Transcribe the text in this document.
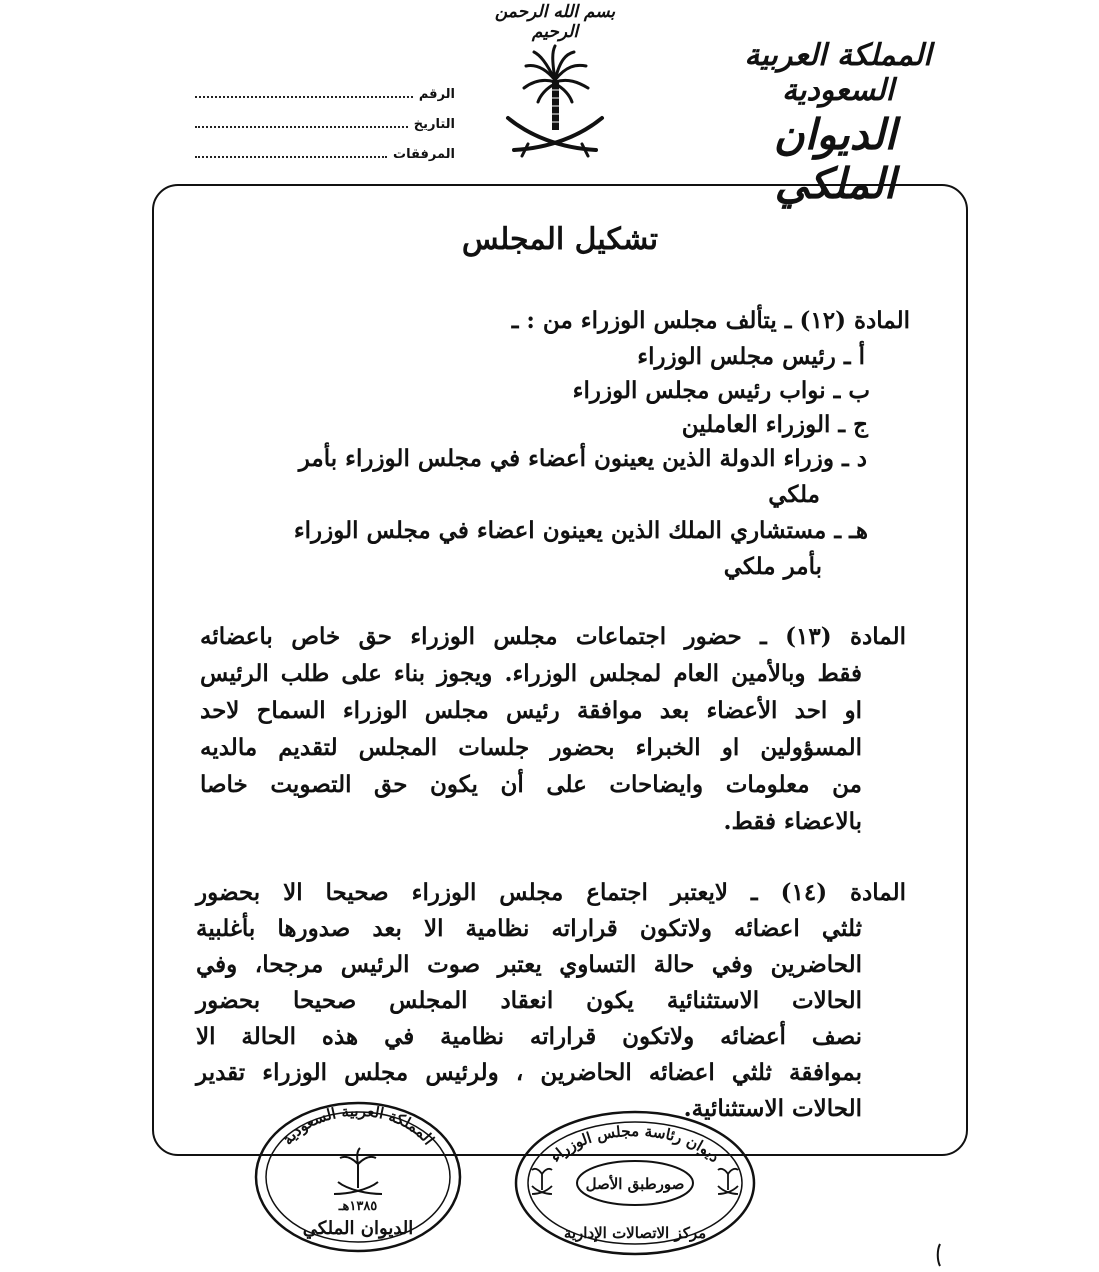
بسم الله الرحمن الرحيم
المملكة العربية السعودية
الديوان الملكي
الرقم
التاريخ
المرفقات
تشكيل المجلس
المادة (١٢) ـ يتألف مجلس الوزراء من : ـ
أ ـ رئيس مجلس الوزراء
ب ـ نواب رئيس مجلس الوزراء
ج ـ الوزراء العاملين
د ـ وزراء الدولة الذين يعينون أعضاء في مجلس الوزراء بأمر
ملكي
هـ ـ مستشاري الملك الذين يعينون اعضاء في مجلس الوزراء
بأمر ملكي
المادة (١٣) ـ حضور اجتماعات مجلس الوزراء حق خاص باعضائه
فقط وبالأمين العام لمجلس الوزراء. ويجوز بناء على طلب الرئيس
او احد الأعضاء بعد موافقة رئيس مجلس الوزراء السماح لاحد
المسؤولين او الخبراء بحضور جلسات المجلس لتقديم مالديه
من معلومات وايضاحات على أن يكون حق التصويت خاصا
بالاعضاء فقط.
المادة (١٤) ـ لايعتبر اجتماع مجلس الوزراء صحيحا الا بحضور
ثلثي اعضائه ولاتكون قراراته نظامية الا بعد صدورها بأغلبية
الحاضرين وفي حالة التساوي يعتبر صوت الرئيس مرجحا، وفي
الحالات الاستثنائية يكون انعقاد المجلس صحيحا بحضور
نصف أعضائه ولاتكون قراراته نظامية في هذه الحالة الا
بموافقة ثلثي اعضائه الحاضرين ، ولرئيس مجلس الوزراء تقدير
الحالات الاستثنائية.
المملكة العربية السعودية
١٣٨٥هـ
الديوان الملكي
ديوان رئاسة مجلس الوزراء
صورطبق الأصل
مركز الاتصالات الإدارية
